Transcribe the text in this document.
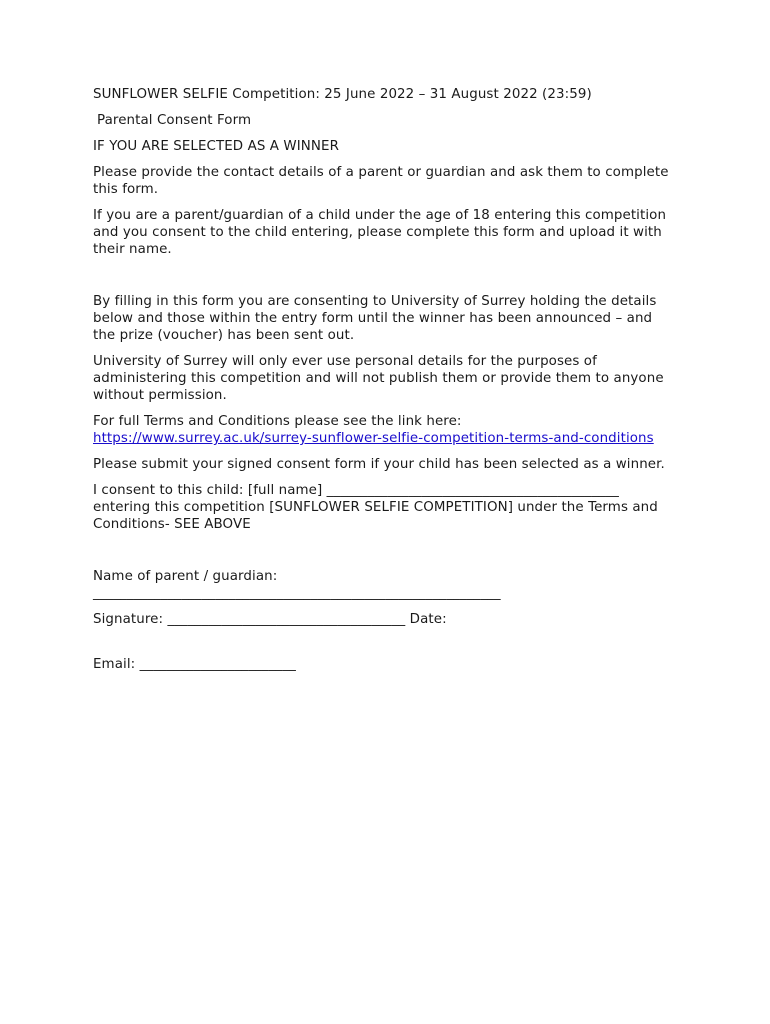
SUNFLOWER SELFIE Competition: 25 June 2022 – 31 August 2022 (23:59)

Parental Consent Form

IF YOU ARE SELECTED AS A WINNER

Please provide the contact details of a parent or guardian and ask them to complete this form.

If you are a parent/guardian of a child under the age of 18 entering this competition and you consent to the child entering, please complete this form and upload it with their name.

By filling in this form you are consenting to University of Surrey holding the details below and those within the entry form until the winner has been announced – and the prize (voucher) has been sent out.

University of Surrey will only ever use personal details for the purposes of administering this competition and will not publish them or provide them to anyone without permission.

For full Terms and Conditions please see the link here:
https://www.surrey.ac.uk/surrey-sunflower-selfie-competition-terms-and-conditions

Please submit your signed consent form if your child has been selected as a winner.

I consent to this child: [full name] ___________________________________________ entering this competition [SUNFLOWER SELFIE COMPETITION] under the Terms and Conditions- SEE ABOVE

Name of parent / guardian:
____________________________________________________________

Signature: ___________________________________ Date:

Email: _______________________
